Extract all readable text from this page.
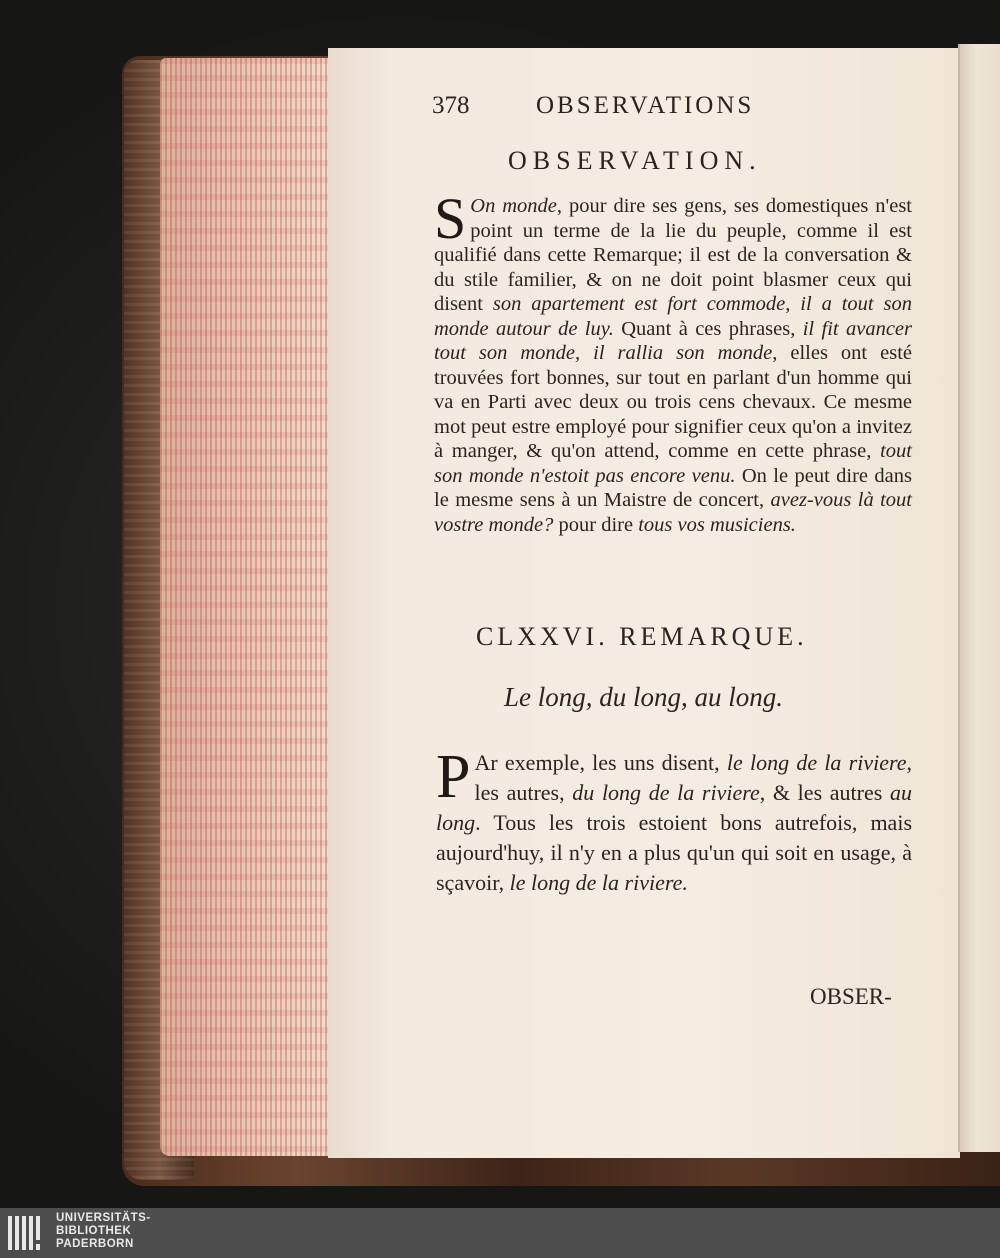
378	OBSERVATIONS
OBSERVATION.
S On monde, pour dire ses gens, ses domestiques n'est point un terme de la lie du peuple, comme il est qualifié dans cette Remarque; il est de la conversation & du stile familier, & on ne doit point blasmer ceux qui disent son apartement est fort commode, il a tout son monde autour de luy. Quant à ces phrases, il fit avancer tout son monde, il rallia son monde, elles ont esté trouvées fort bonnes, sur tout en parlant d'un homme qui va en Parti avec deux ou trois cens chevaux. Ce mesme mot peut estre employé pour signifier ceux qu'on a invitez à manger, & qu'on attend, comme en cette phrase, tout son monde n'estoit pas encore venu. On le peut dire dans le mesme sens à un Maistre de concert, avez-vous là tout vostre monde? pour dire tous vos musiciens.
CLXXVI. REMARQUE.
Le long, du long, au long.
P Ar exemple, les uns disent, le long de la riviere, les autres, du long de la riviere, & les autres au long. Tous les trois estoient bons autrefois, mais aujourd'huy, il n'y en a plus qu'un qui soit en usage, à sçavoir, le long de la riviere.
OBSER-
UNIVERSITÄTS-
BIBLIOTHEK
PADERBORN
